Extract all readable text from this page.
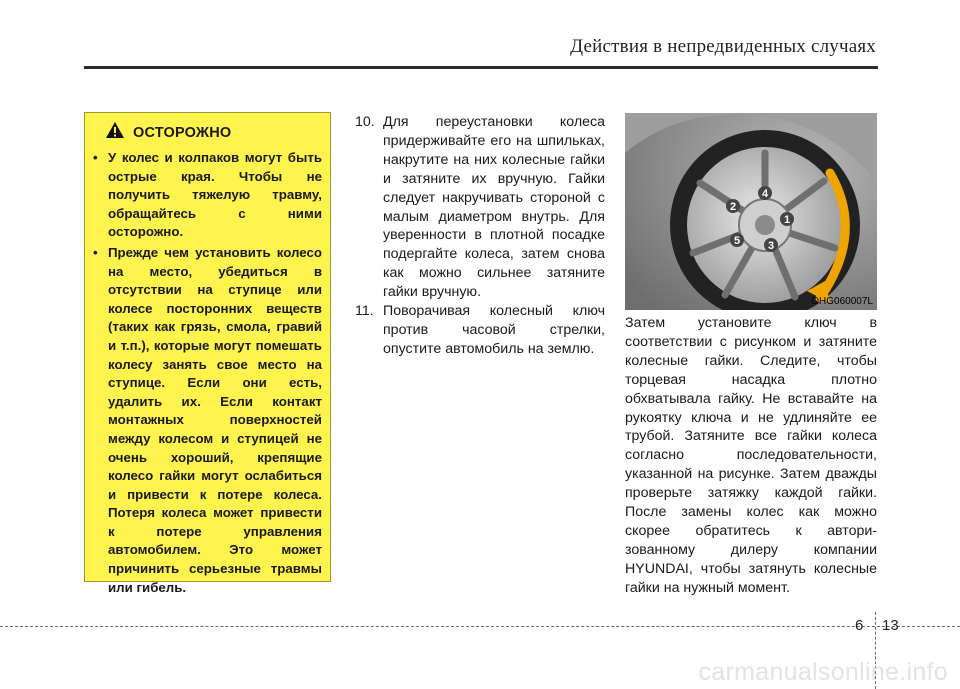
Действия в непредвиденных случаях
ОСТОРОЖНО
• У колес и колпаков могут быть острые края. Чтобы не получить тяжелую травму, обращайтесь с ними осторожно.
• Прежде чем установить колесо на место, убедиться в отсутствии на ступице или колесе посторонних веществ (таких как грязь, смола, гравий и т.п.), которые могут помешать колесу занять свое место на ступице. Если они есть, удалить их. Если контакт монтажных поверхностей между колесом и ступицей не очень хороший, крепящие колесо гайки могут ослабиться и привести к потере колеса. Потеря колеса может привести к потере управления автомобилем. Это может причинить серьезные травмы или гибель.
10. Для переустановки колеса придерживайте его на шпильках, накрутите на них колесные гайки и затяните их вручную. Гайки следует накручивать стороной с малым диаметром внутрь. Для уверенности в плотной посадке подергайте колеса, затем снова как можно сильнее затяните гайки вручную.
11. Поворачивая колесный ключ против часовой стрелки, опустите автомобиль на землю.
1
2
3
4
5
OHG060007L
Затем установите ключ в соответствии с рисунком и затяните колесные гайки. Следите, чтобы торцевая насадка плотно обхватывала гайку. Не вставайте на рукоятку ключа и не удлиняйте ее трубой. Затяните все гайки колеса согласно последовательности, указанной на рисунке. Затем дважды проверьте затяжку каждой гайки. После замены колес как можно скорее обратитесь к автори-зованному дилеру компании HYUNDAI, чтобы затянуть колесные гайки на нужный момент.
6 13
carmanualsonline.info
